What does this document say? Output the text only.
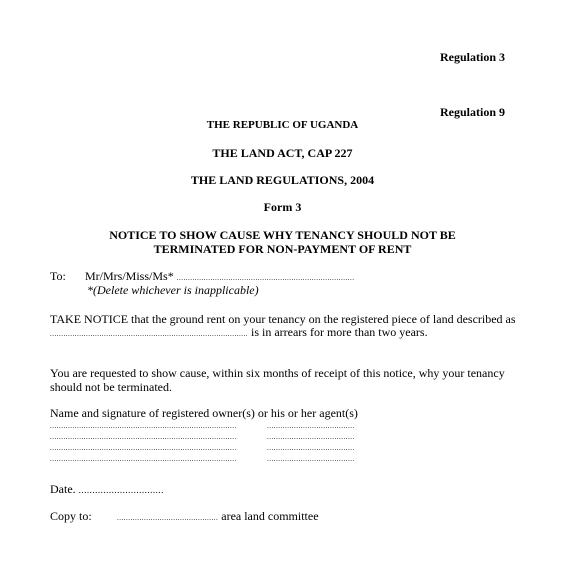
Regulation 3
Regulation 9
THE REPUBLIC OF UGANDA
THE LAND ACT, CAP 227
THE LAND REGULATIONS, 2004
Form 3
NOTICE TO SHOW CAUSE WHY TENANCY SHOULD NOT BE
TERMINATED FOR NON-PAYMENT OF RENT
To: Mr/Mrs/Miss/Ms* ...............................................................................
*(Delete whichever is inapplicable)
TAKE NOTICE that the ground rent on your tenancy on the registered piece of land described as
........................................................................................ is in arrears for more than two years.
You are requested to show cause, within six months of receipt of this notice, why your tenancy
should not be terminated.
Name and signature of registered owner(s) or his or her agent(s)
...................................................................................
...................................................................................
...................................................................................
...................................................................................
.......................................
.......................................
.......................................
.......................................
Date. ...............................
Copy to:	............................................. area land committee
